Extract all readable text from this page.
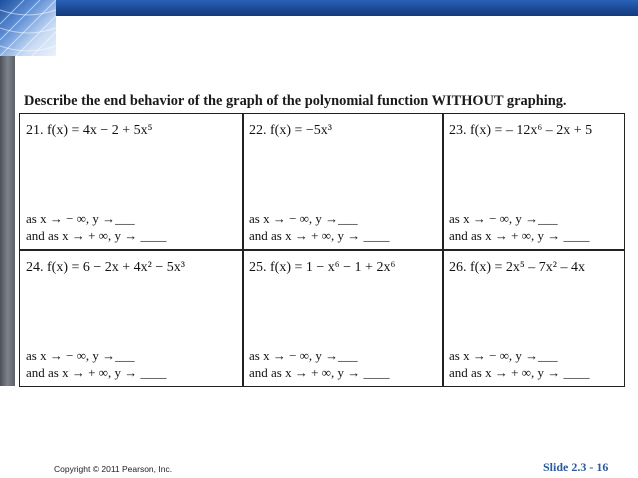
Describe the end behavior of the graph of the polynomial function WITHOUT graphing.
21. f(x) = 4x − 2 + 5x⁵
as x → − ∞, y →___
and as x → + ∞, y → ____
22. f(x) = −5x³
as x → − ∞, y →___
and as x → + ∞, y → ____
23. f(x) = – 12x⁶ – 2x + 5
as x → − ∞, y →___
and as x → + ∞, y → ____
24. f(x) = 6 − 2x + 4x² − 5x³
as x → − ∞, y →___
and as x → + ∞, y → ____
25. f(x) = 1 − x⁶ − 1 + 2x⁶
as x → − ∞, y →___
and as x → + ∞, y → ____
26. f(x) = 2x⁵ – 7x² – 4x
as x → − ∞, y →___
and as x → + ∞, y → ____
Copyright © 2011 Pearson, Inc.	Slide 2.3 - 16
